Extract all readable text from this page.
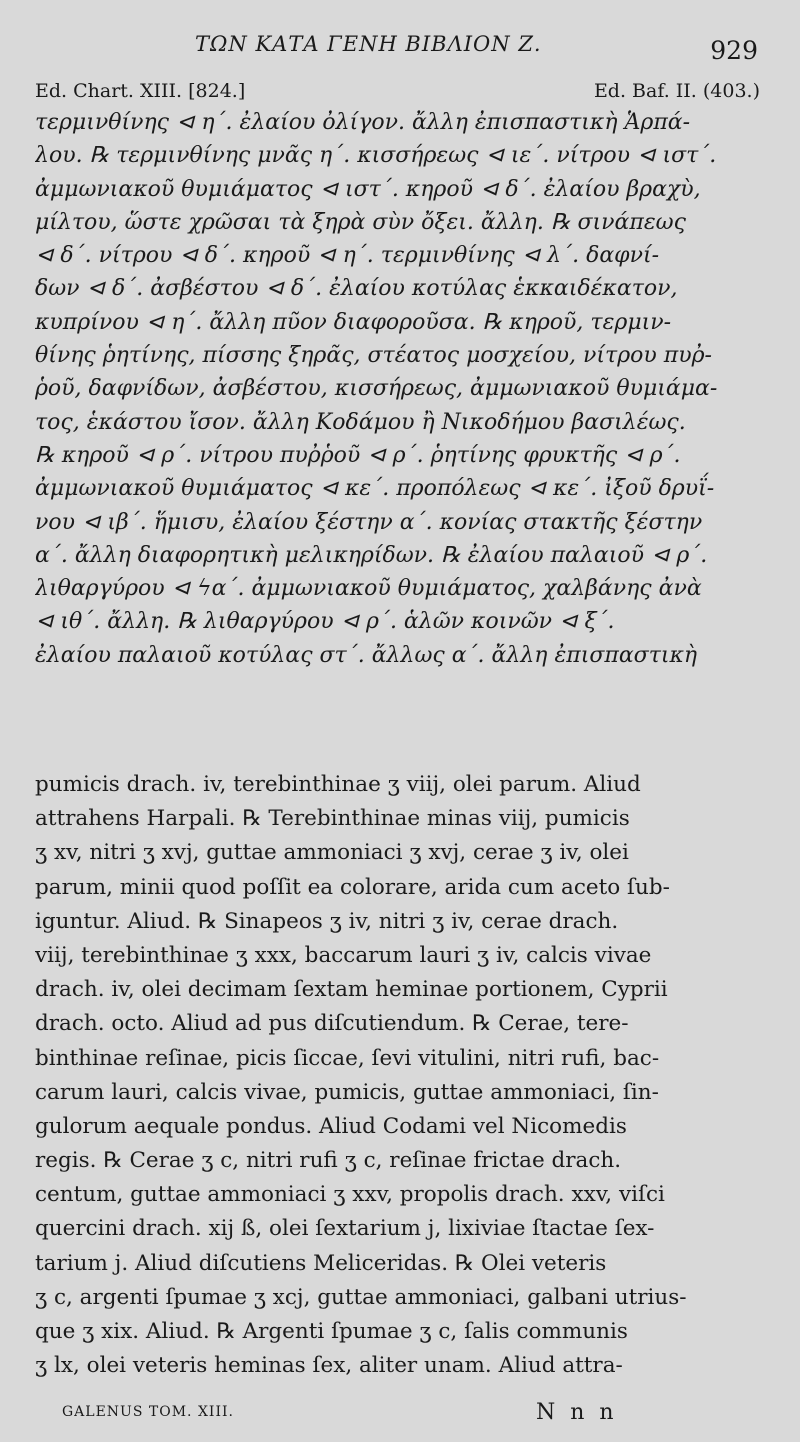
ΤΩΝ ΚΑΤΑ ΓΕΝΗ ΒΙΒΛΙΟΝ Ζ.	929
Ed. Chart. XIII. [824.]	Ed. Baf. II. (403.)
τερμινθίνης ⊲ η΄. ἐλαίου ὀλίγον. ἄλλη ἐπισπαστικὴ Ἁρπά-
λου. ℞ τερμινθίνης μνᾶς η΄. κισσήρεως ⊲ ιε΄. νίτρου ⊲ ιστ΄.
ἀμμωνιακοῦ θυμιάματος ⊲ ιστ΄. κηροῦ ⊲ δ΄. ἐλαίου βραχὺ,
μίλτου, ὥστε χρῶσαι τὰ ξηρὰ σὺν ὄξει. ἄλλη. ℞ σινάπεως
⊲ δ΄. νίτρου ⊲ δ΄. κηροῦ ⊲ η΄. τερμινθίνης ⊲ λ΄. δαφνί-
δων ⊲ δ΄. ἀσβέστου ⊲ δ΄. ἐλαίου κοτύλας ἑκκαιδέκατον,
κυπρίνου ⊲ η΄. ἄλλη πῦον διαφοροῦσα. ℞ κηροῦ, τερμιν-
θίνης ῥητίνης, πίσσης ξηρᾶς, στέατος μοσχείου, νίτρου πυῤ-
ῥοῦ, δαφνίδων, ἀσβέστου, κισσήρεως, ἀμμωνιακοῦ θυμιάμα-
τος, ἑκάστου ἴσον. ἄλλη Κοδάμου ἢ Νικοδήμου βασιλέως.
℞ κηροῦ ⊲ ρ΄. νίτρου πυῤῥοῦ ⊲ ρ΄. ῥητίνης φρυκτῆς ⊲ ρ΄.
ἀμμωνιακοῦ θυμιάματος ⊲ κε΄. προπόλεως ⊲ κε΄. ἰξοῦ δρυΐ-
νου ⊲ ιβ΄. ἥμισυ, ἐλαίου ξέστην α΄. κονίας στακτῆς ξέστην
α΄. ἄλλη διαφορητικὴ μελικηρίδων. ℞ ἐλαίου παλαιοῦ ⊲ ρ΄.
λιθαργύρου ⊲ ϟα΄. ἀμμωνιακοῦ θυμιάματος, χαλβάνης ἀνὰ
⊲ ιθ΄. ἄλλη. ℞ λιθαργύρου ⊲ ρ΄. ἁλῶν κοινῶν ⊲ ξ΄.
ἐλαίου παλαιοῦ κοτύλας στ΄. ἄλλως α΄. ἄλλη ἐπισπαστικὴ
pumicis drach. iv, terebinthinae ʒ viij, olei parum. Aliud
attrahens Harpali. ℞ Terebinthinae minas viij, pumicis
ʒ xv, nitri ʒ xvj, guttae ammoniaci ʒ xvj, cerae ʒ iv, olei
parum, minii quod poſſit ea colorare, arida cum aceto ſub-
iguntur. Aliud. ℞ Sinapeos ʒ iv, nitri ʒ iv, cerae drach.
viij, terebinthinae ʒ xxx, baccarum lauri ʒ iv, calcis vivae
drach. iv, olei decimam ſextam heminae portionem, Cyprii
drach. octo. Aliud ad pus diſcutiendum. ℞ Cerae, tere-
binthinae reſinae, picis ſiccae, ſevi vitulini, nitri rufi, bac-
carum lauri, calcis vivae, pumicis, guttae ammoniaci, ſin-
gulorum aequale pondus. Aliud Codami vel Nicomedis
regis. ℞ Cerae ʒ c, nitri rufi ʒ c, reſinae frictae drach.
centum, guttae ammoniaci ʒ xxv, propolis drach. xxv, viſci
quercini drach. xij ß, olei ſextarium j, lixiviae ſtactae ſex-
tarium j. Aliud diſcutiens Meliceridas. ℞ Olei veteris
ʒ c, argenti ſpumae ʒ xcj, guttae ammoniaci, galbani utrius-
que ʒ xix. Aliud. ℞ Argenti ſpumae ʒ c, ſalis communis
ʒ lx, olei veteris heminas ſex, aliter unam. Aliud attra-
GALENUS TOM. XIII.	N n n
